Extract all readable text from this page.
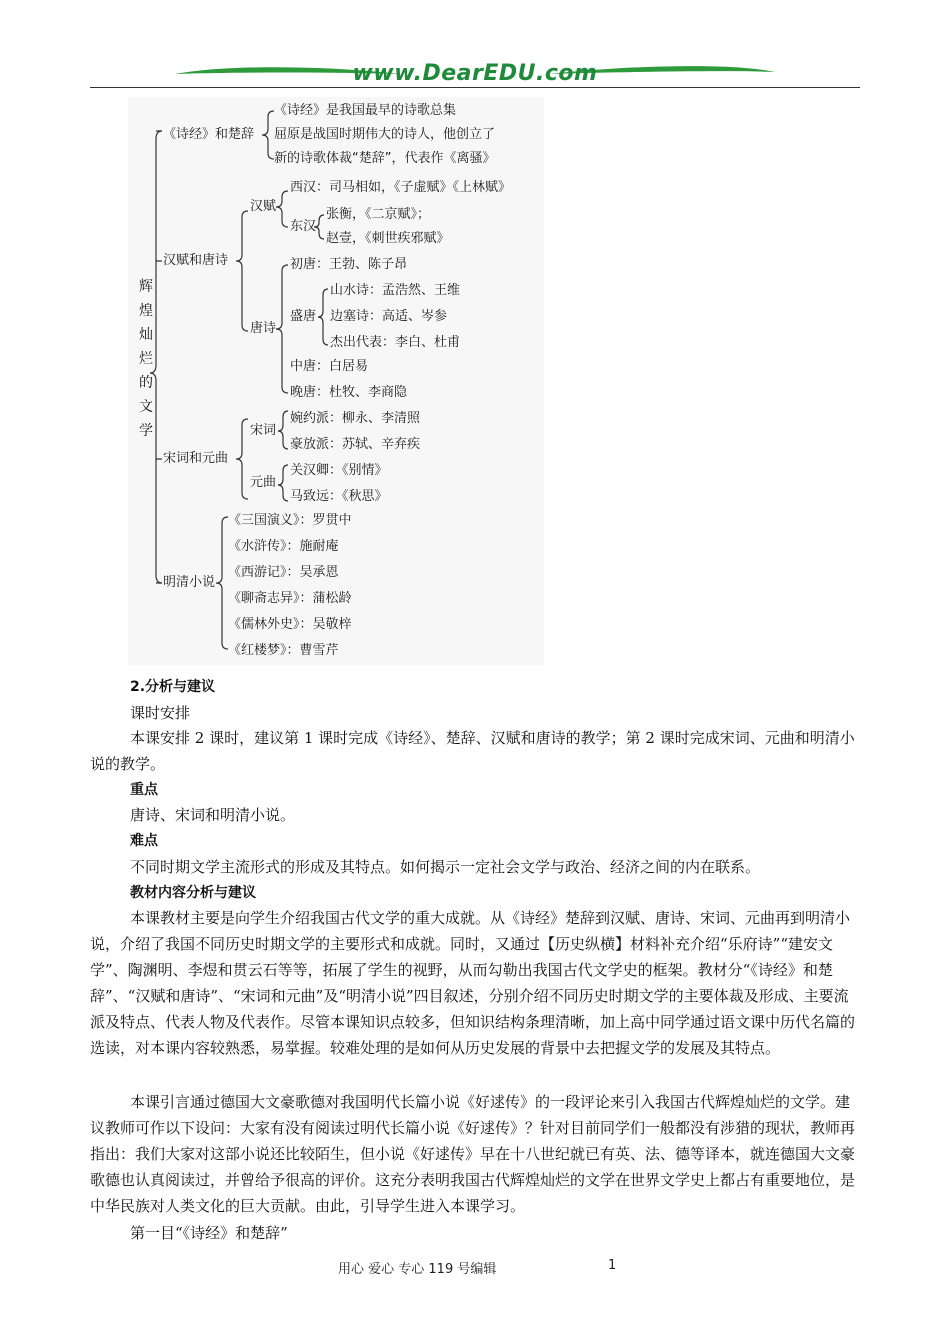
www.DearEDU.com
辉煌灿烂的文学
《诗经》和楚辞
《诗经》是我国最早的诗歌总集
屈原是战国时期伟大的诗人，他创立了
新的诗歌体裁“楚辞”，代表作《离骚》
汉赋和唐诗
汉赋
西汉：司马相如，《子虚赋》《上林赋》
东汉
张衡，《二京赋》；
赵壹，《刺世疾邪赋》
唐诗
初唐：王勃、陈子昂
盛唐
山水诗：孟浩然、王维
边塞诗：高适、岑参
杰出代表：李白、杜甫
中唐：白居易
晚唐：杜牧、李商隐
宋词和元曲
宋词
婉约派：柳永、李清照
豪放派：苏轼、辛弃疾
元曲
关汉卿：《别情》
马致远：《秋思》
明清小说
《三国演义》：罗贯中
《水浒传》：施耐庵
《西游记》：吴承恩
《聊斋志异》：蒲松龄
《儒林外史》：吴敬梓
《红楼梦》：曹雪芹
2.分析与建议
课时安排
本课安排 2 课时，建议第 1 课时完成《诗经》、楚辞、汉赋和唐诗的教学；第 2 课时完成宋词、元曲和明清小说的教学。
重点
唐诗、宋词和明清小说。
难点
不同时期文学主流形式的形成及其特点。如何揭示一定社会文学与政治、经济之间的内在联系。
教材内容分析与建议
本课教材主要是向学生介绍我国古代文学的重大成就。从《诗经》楚辞到汉赋、唐诗、宋词、元曲再到明清小说，介绍了我国不同历史时期文学的主要形式和成就。同时，又通过【历史纵横】材料补充介绍“乐府诗”“建安文学”、陶渊明、李煜和贯云石等等，拓展了学生的视野，从而勾勒出我国古代文学史的框架。教材分“《诗经》和楚辞”、“汉赋和唐诗”、“宋词和元曲”及“明清小说”四目叙述，分别介绍不同历史时期文学的主要体裁及形成、主要流派及特点、代表人物及代表作。尽管本课知识点较多，但知识结构条理清晰，加上高中同学通过语文课中历代名篇的选读，对本课内容较熟悉，易掌握。较难处理的是如何从历史发展的背景中去把握文学的发展及其特点。
本课引言通过德国大文豪歌德对我国明代长篇小说《好逑传》的一段评论来引入我国古代辉煌灿烂的文学。建议教师可作以下设问：大家有没有阅读过明代长篇小说《好逑传》？针对目前同学们一般都没有涉猎的现状，教师再指出：我们大家对这部小说还比较陌生，但小说《好逑传》早在十八世纪就已有英、法、德等译本，就连德国大文豪歌德也认真阅读过，并曾给予很高的评价。这充分表明我国古代辉煌灿烂的文学在世界文学史上都占有重要地位，是中华民族对人类文化的巨大贡献。由此，引导学生进入本课学习。
第一目“《诗经》和楚辞”
用心 爱心 专心 119 号编辑	1
